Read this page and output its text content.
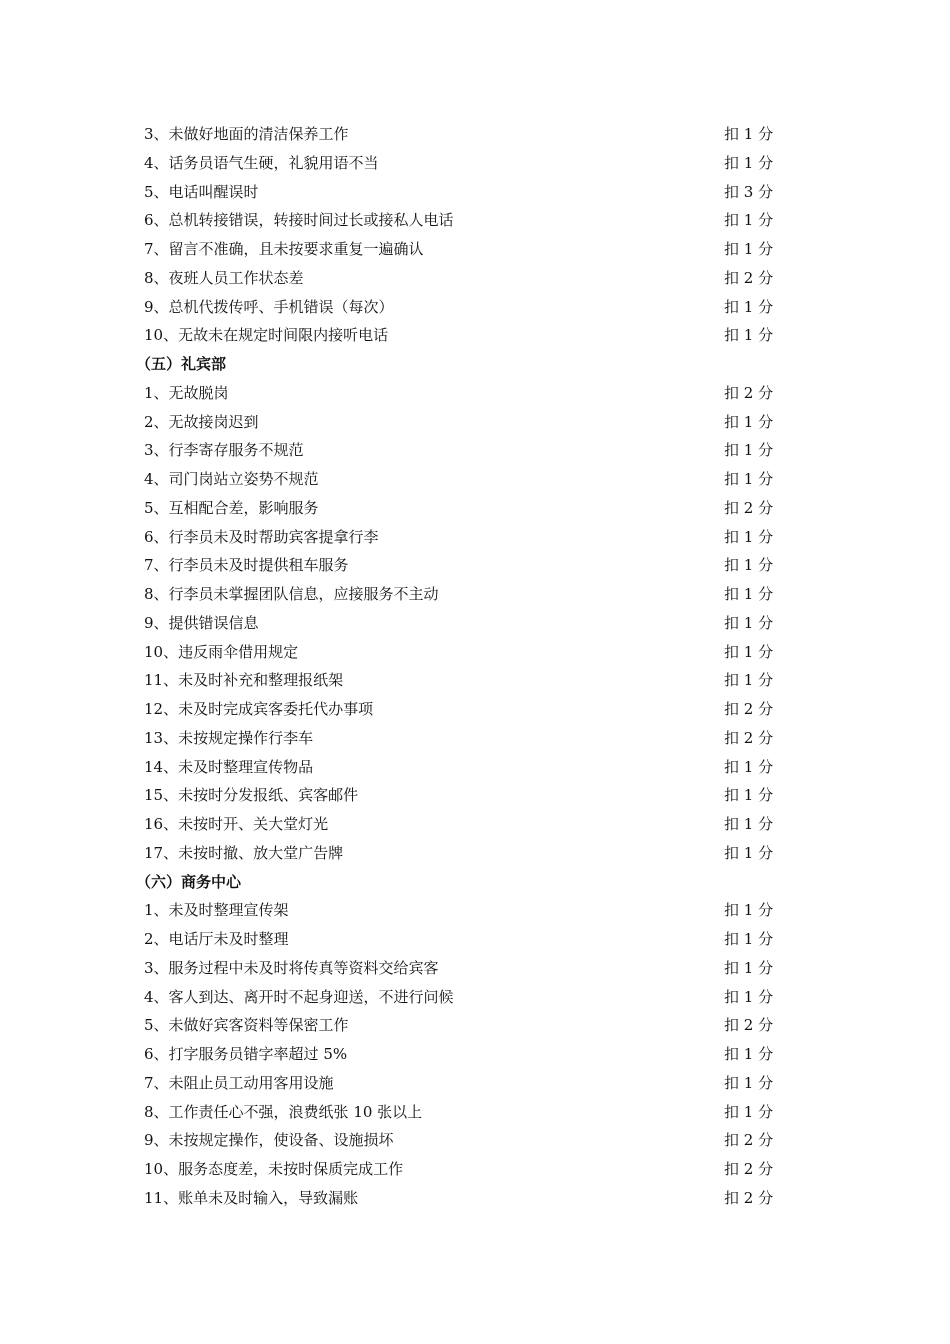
3、未做好地面的清洁保养工作	扣 1 分
4、话务员语气生硬，礼貌用语不当	扣 1 分
5、电话叫醒误时	扣 3 分
6、总机转接错误，转接时间过长或接私人电话	扣 1 分
7、留言不准确，且未按要求重复一遍确认	扣 1 分
8、夜班人员工作状态差	扣 2 分
9、总机代拨传呼、手机错误（每次）	扣 1 分
10、无故未在规定时间限内接听电话	扣 1 分
（五）礼宾部
1、无故脱岗	扣 2 分
2、无故接岗迟到	扣 1 分
3、行李寄存服务不规范	扣 1 分
4、司门岗站立姿势不规范	扣 1 分
5、互相配合差，影响服务	扣 2 分
6、行李员未及时帮助宾客提拿行李	扣 1 分
7、行李员未及时提供租车服务	扣 1 分
8、行李员未掌握团队信息，应接服务不主动	扣 1 分
9、提供错误信息	扣 1 分
10、违反雨伞借用规定	扣 1 分
11、未及时补充和整理报纸架	扣 1 分
12、未及时完成宾客委托代办事项	扣 2 分
13、未按规定操作行李车	扣 2 分
14、未及时整理宣传物品	扣 1 分
15、未按时分发报纸、宾客邮件	扣 1 分
16、未按时开、关大堂灯光	扣 1 分
17、未按时撤、放大堂广告牌	扣 1 分
（六）商务中心
1、未及时整理宣传架	扣 1 分
2、电话厅未及时整理	扣 1 分
3、服务过程中未及时将传真等资料交给宾客	扣 1 分
4、客人到达、离开时不起身迎送，不进行问候	扣 1 分
5、未做好宾客资料等保密工作	扣 2 分
6、打字服务员错字率超过 5%	扣 1 分
7、未阻止员工动用客用设施	扣 1 分
8、工作责任心不强，浪费纸张 10 张以上	扣 1 分
9、未按规定操作，使设备、设施损坏	扣 2 分
10、服务态度差，未按时保质完成工作	扣 2 分
11、账单未及时输入，导致漏账	扣 2 分
